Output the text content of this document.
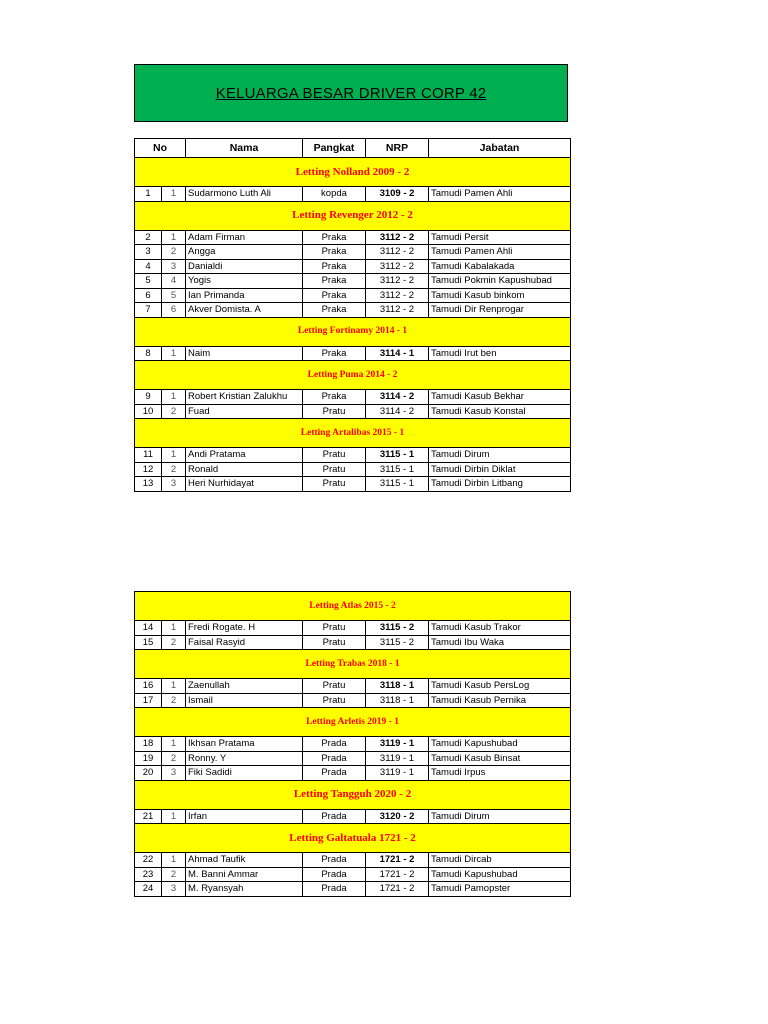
KELUARGA BESAR DRIVER CORP 42
No		Nama	Pangkat	NRP	Jabatan
Letting Nolland 2009 - 2					
1	1	Sudarmono Luth Ali	kopda	3109 - 2	Tamudi Pamen Ahli
Letting Revenger 2012 - 2					
2	1	Adam Firman	Praka	3112 - 2	Tamudi Persit
3	2	Angga	Praka	3112 - 2	Tamudi Pamen Ahli
4	3	Danialdi	Praka	3112 - 2	Tamudi Kabalakada
5	4	Yogis	Praka	3112 - 2	Tamudi Pokmin Kapushubad
6	5	Ian Primanda	Praka	3112 - 2	Tamudi Kasub binkom
7	6	Akver Domista. A	Praka	3112 - 2	Tamudi Dir Renprogar
Letting Fortinamy 2014 - 1					
8	1	Naim	Praka	3114 - 1	Tamudi Irut ben
Letting Puma 2014 - 2					
9	1	Robert Kristian Zalukhu	Praka	3114 - 2	Tamudi Kasub Bekhar
10	2	Fuad	Pratu	3114 - 2	Tamudi Kasub Konstal
Letting Artalibas 2015 - 1					
11	1	Andi Pratama	Pratu	3115 - 1	Tamudi Dirum
12	2	Ronald	Pratu	3115 - 1	Tamudi Dirbin Diklat
13	3	Heri Nurhidayat	Pratu	3115 - 1	Tamudi Dirbin Litbang
Letting Atlas 2015 - 2					
14	1	Fredi Rogate. H	Pratu	3115 - 2	Tamudi Kasub Trakor
15	2	Faisal Rasyid	Pratu	3115 - 2	Tamudi Ibu Waka
Letting Trabas 2018 - 1					
16	1	Zaenullah	Pratu	3118 - 1	Tamudi Kasub PersLog
17	2	Ismail	Pratu	3118 - 1	Tamudi Kasub Pernika
Letting Arletis 2019 - 1					
18	1	Ikhsan Pratama	Prada	3119 - 1	Tamudi Kapushubad
19	2	Ronny. Y	Prada	3119 - 1	Tamudi Kasub Binsat
20	3	Fiki Sadidi	Prada	3119 - 1	Tamudi Irpus
Letting Tangguh 2020 - 2					
21	1	Irfan	Prada	3120 - 2	Tamudi Dirum
Letting Galtatuala 1721 - 2					
22	1	Ahmad Taufik	Prada	1721 - 2	Tamudi Dircab
23	2	M. Banni Ammar	Prada	1721 - 2	Tamudi Kapushubad
24	3	M. Ryansyah	Prada	1721 - 2	Tamudi Pamopster
